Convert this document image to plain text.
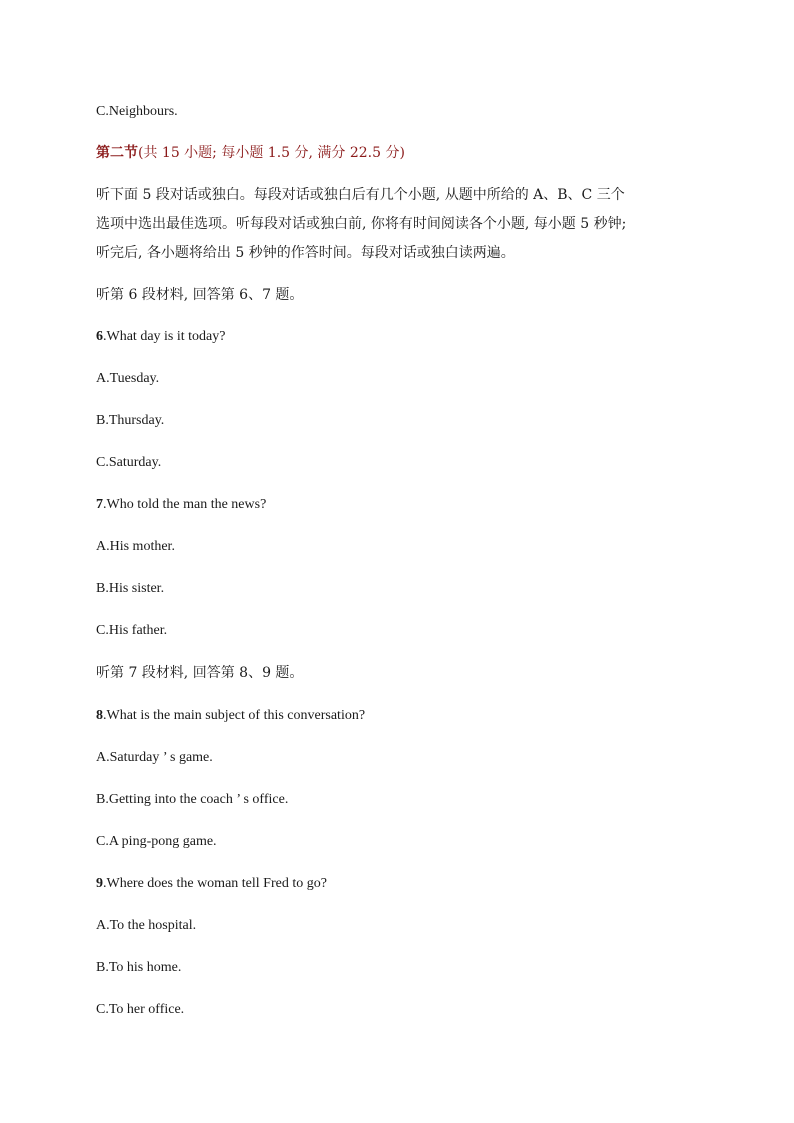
C.Neighbours.
第二节(共 15 小题; 每小题 1.5 分, 满分 22.5 分)
听下面 5 段对话或独白。每段对话或独白后有几个小题, 从题中所给的 A、B、C 三个
选项中选出最佳选项。听每段对话或独白前, 你将有时间阅读各个小题, 每小题 5 秒钟;
听完后, 各小题将给出 5 秒钟的作答时间。每段对话或独白读两遍。
听第 6 段材料, 回答第 6、7 题。
6.What day is it today?
A.Tuesday.
B.Thursday.
C.Saturday.
7.Who told the man the news?
A.His mother.
B.His sister.
C.His father.
听第 7 段材料, 回答第 8、9 题。
8.What is the main subject of this conversation?
A.Saturday ’ s game.
B.Getting into the coach ’ s office.
C.A ping-pong game.
9.Where does the woman tell Fred to go?
A.To the hospital.
B.To his home.
C.To her office.
